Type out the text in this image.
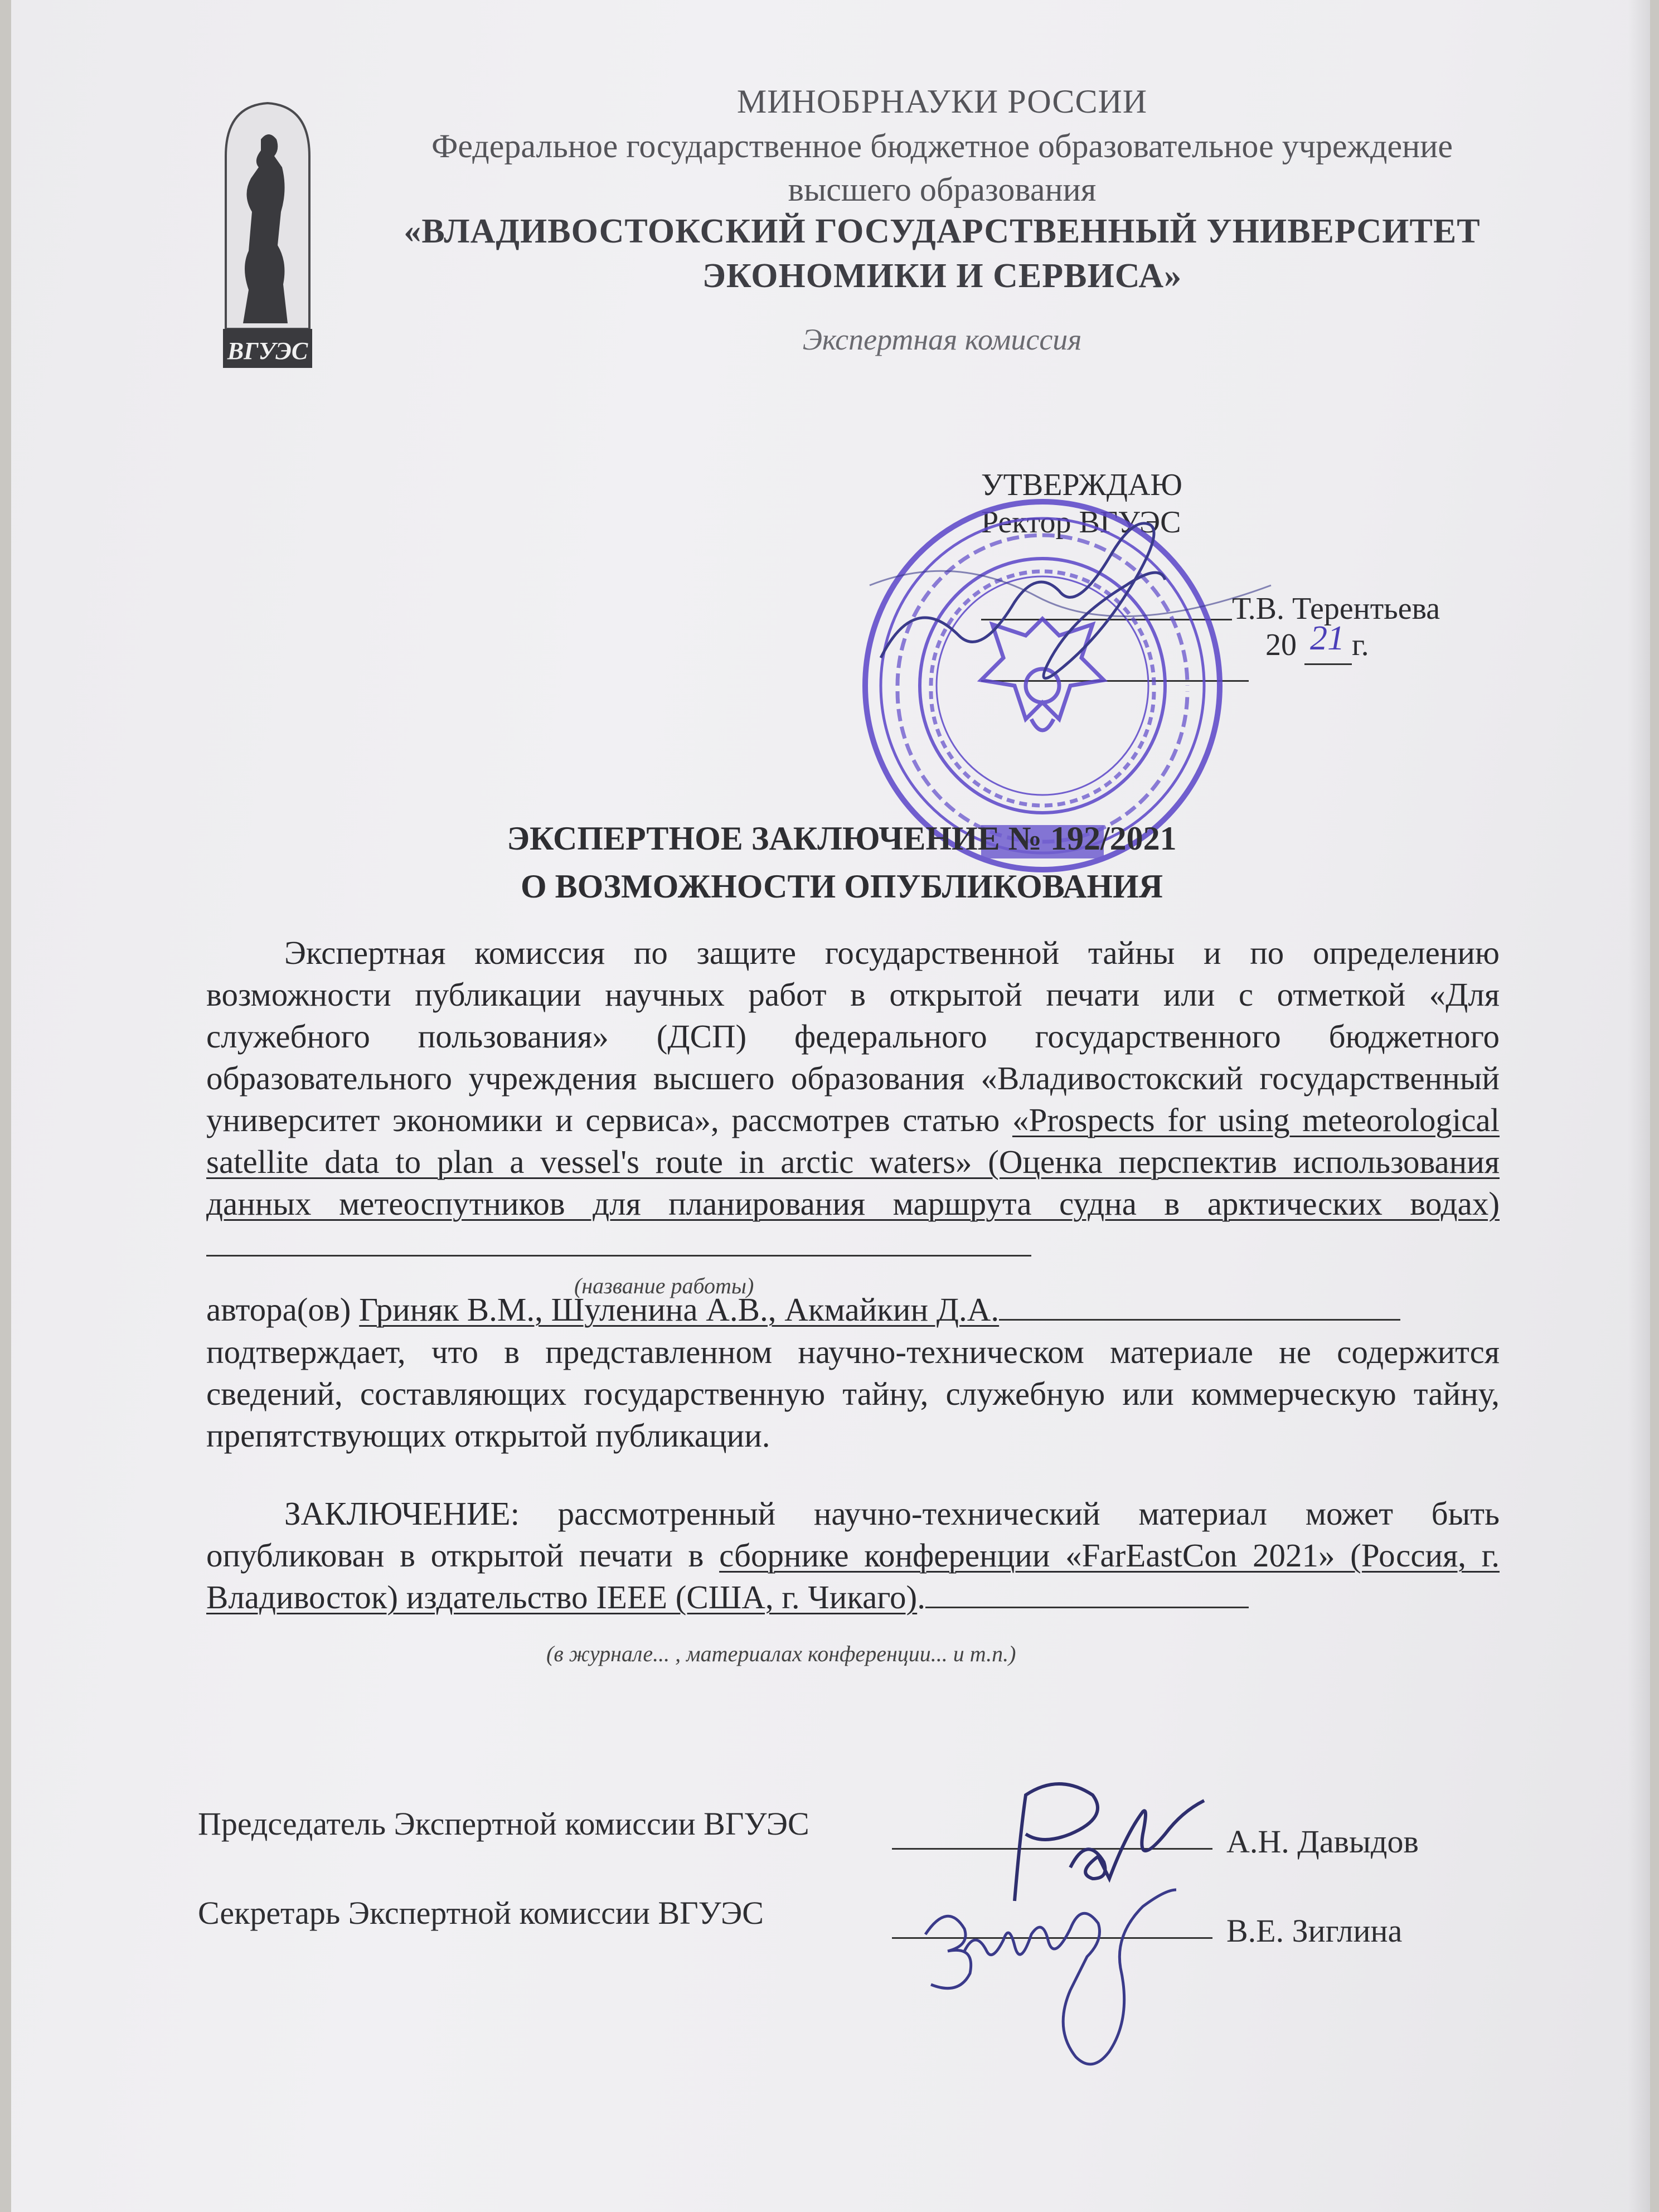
ВГУЭС
МИНОБРНАУКИ РОССИИ
Федеральное государственное бюджетное образовательное учреждение
высшего образования
«ВЛАДИВОСТОКСКИЙ ГОСУДАРСТВЕННЫЙ УНИВЕРСИТЕТ
ЭКОНОМИКИ И СЕРВИСА»
Экспертная комиссия
УТВЕРЖДАЮ
Ректор ВГУЭС
Т.В. Терентьева
20 21 г.
ЭКСПЕРТНОЕ ЗАКЛЮЧЕНИЕ № 192/2021
О ВОЗМОЖНОСТИ ОПУБЛИКОВАНИЯ
Экспертная комиссия по защите государственной тайны и по определению возможности публикации научных работ в открытой печати или с отметкой «Для служебного пользования» (ДСП) федерального государственного бюджетного образовательного учреждения высшего образования «Владивостокский государственный университет экономики и сервиса», рассмотрев статью «Prospects for using meteorological satellite data to plan a vessel's route in arctic waters» (Оценка перспектив использования данных метеоспутников для планирования маршрута судна в арктических водах)
(название работы)
автора(ов) Гриняк В.М., Шуленина А.В., Акмайкин Д.А.
подтверждает, что в представленном научно-техническом материале не содержится сведений, составляющих государственную тайну, служебную или коммерческую тайну, препятствующих открытой публикации.
ЗАКЛЮЧЕНИЕ: рассмотренный научно-технический материал может быть опубликован в открытой печати в сборнике конференции «FarEastCon 2021» (Россия, г. Владивосток) издательство IEEE (США, г. Чикаго).
(в журнале... , материалах конференции... и т.п.)
Председатель Экспертной комиссии ВГУЭС	А.Н. Давыдов
Секретарь Экспертной комиссии ВГУЭС	В.Е. Зиглина
